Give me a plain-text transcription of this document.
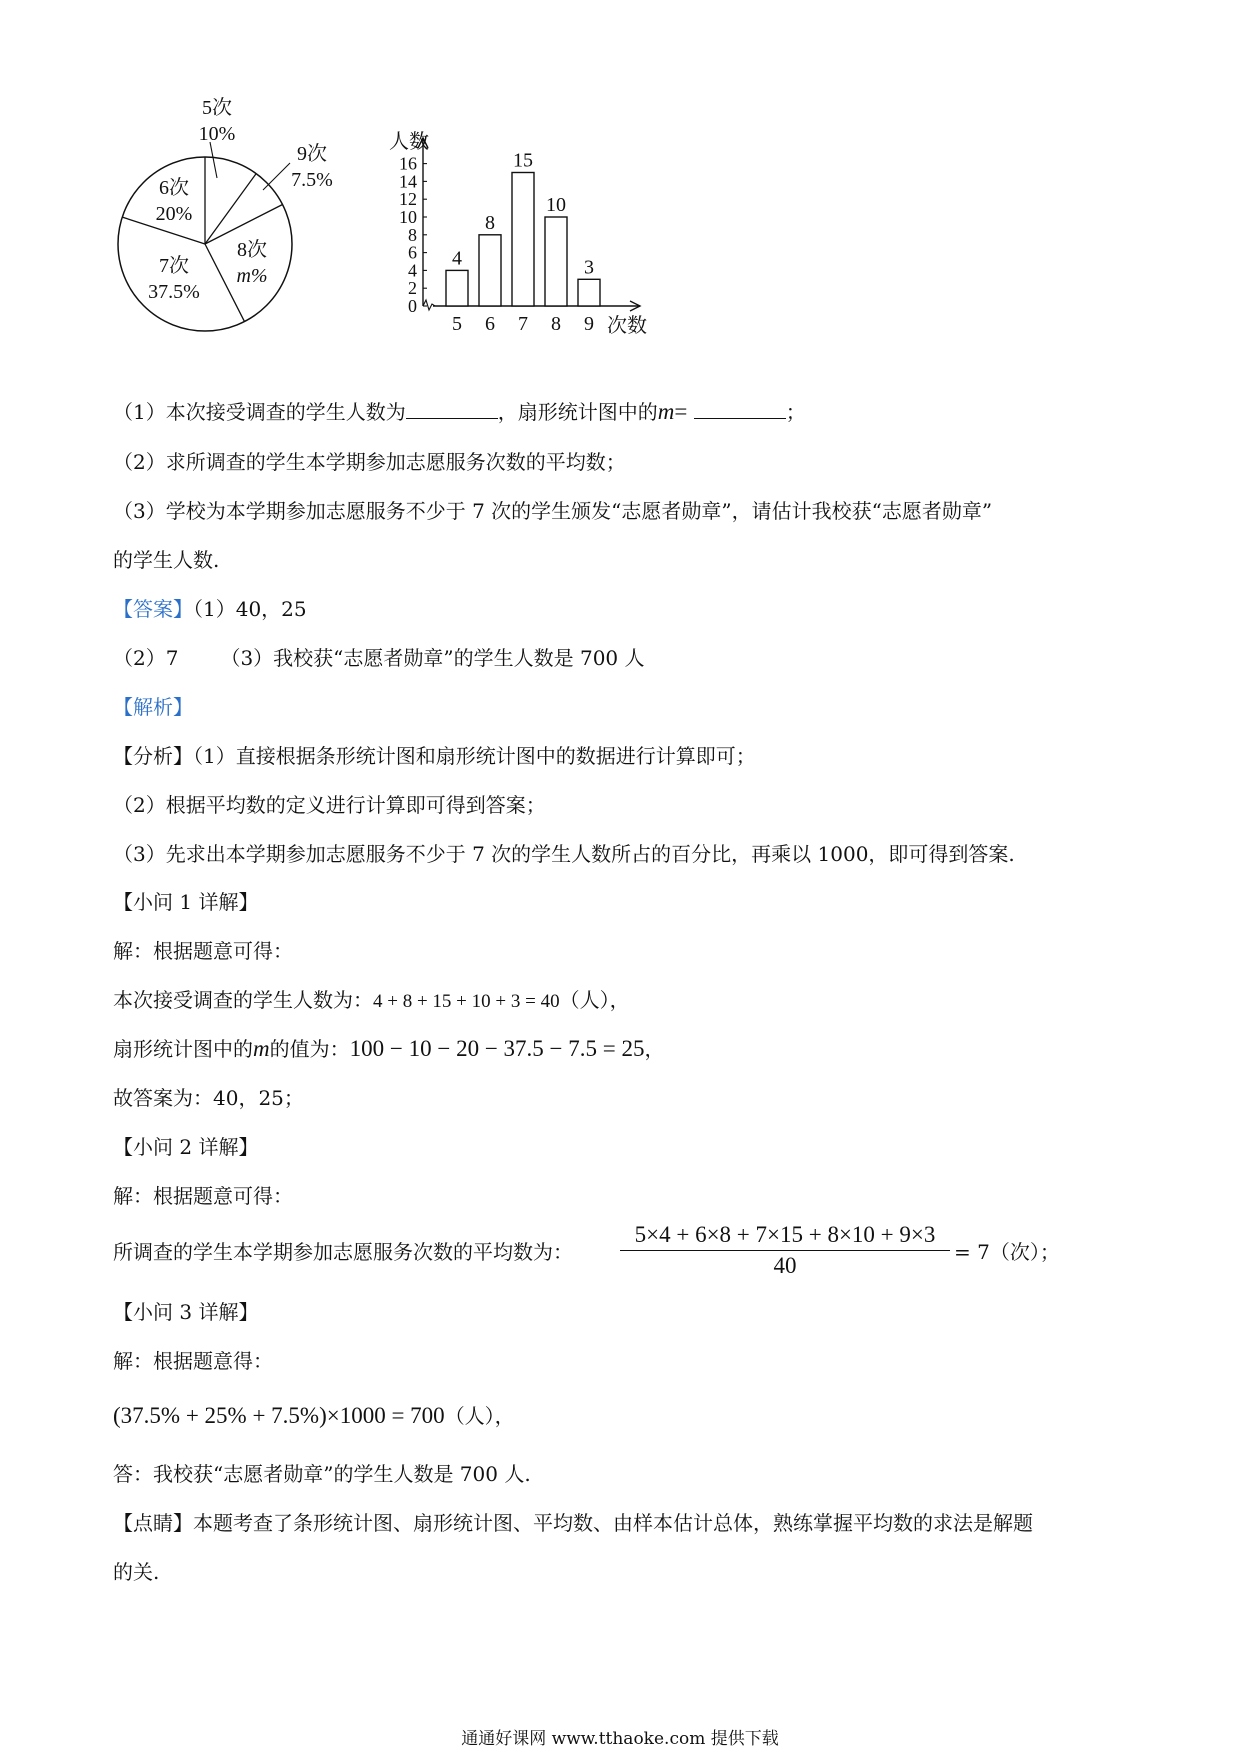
5次
10%
9次
7.5%
8次
m%
7次
37.5%
6次
20%
人数
0
2
4
6
8
10
12
14
16
次数
4
5
8
6
15
7
10
8
3
9
（1）本次接受调查的学生人数为	，扇形统计图中的m=	；
（2）求所调查的学生本学期参加志愿服务次数的平均数；
（3）学校为本学期参加志愿服务不少于 7 次的学生颁发“志愿者勋章”，请估计我校获“志愿者勋章”
的学生人数.
【答案】（1）40，25
（2）7 （3）我校获“志愿者勋章”的学生人数是 700 人
【解析】
【分析】（1）直接根据条形统计图和扇形统计图中的数据进行计算即可；
（2）根据平均数的定义进行计算即可得到答案；
（3）先求出本学期参加志愿服务不少于 7 次的学生人数所占的百分比，再乘以 1000，即可得到答案.
【小问 1 详解】
解：根据题意可得：
本次接受调查的学生人数为：4 + 8 + 15 + 10 + 3 = 40（人），
扇形统计图中的m的值为：100 − 10 − 20 − 37.5 − 7.5 = 25，
故答案为：40，25；
【小问 2 详解】
解：根据题意可得：
所调查的学生本学期参加志愿服务次数的平均数为： $\frac{5\times 4 + 6\times 8 + 7\times 15 + 8\times 10 + 9\times 3}{40} = 7$（次）；
【小问 3 详解】
解：根据题意得：
(37.5% + 25% + 7.5%)×1000 = 700（人），
答：我校获“志愿者勋章”的学生人数是 700 人.
【点睛】本题考查了条形统计图、扇形统计图、平均数、由样本估计总体，熟练掌握平均数的求法是解题
的关.
通通好课网 www.tthaoke.com 提供下载
